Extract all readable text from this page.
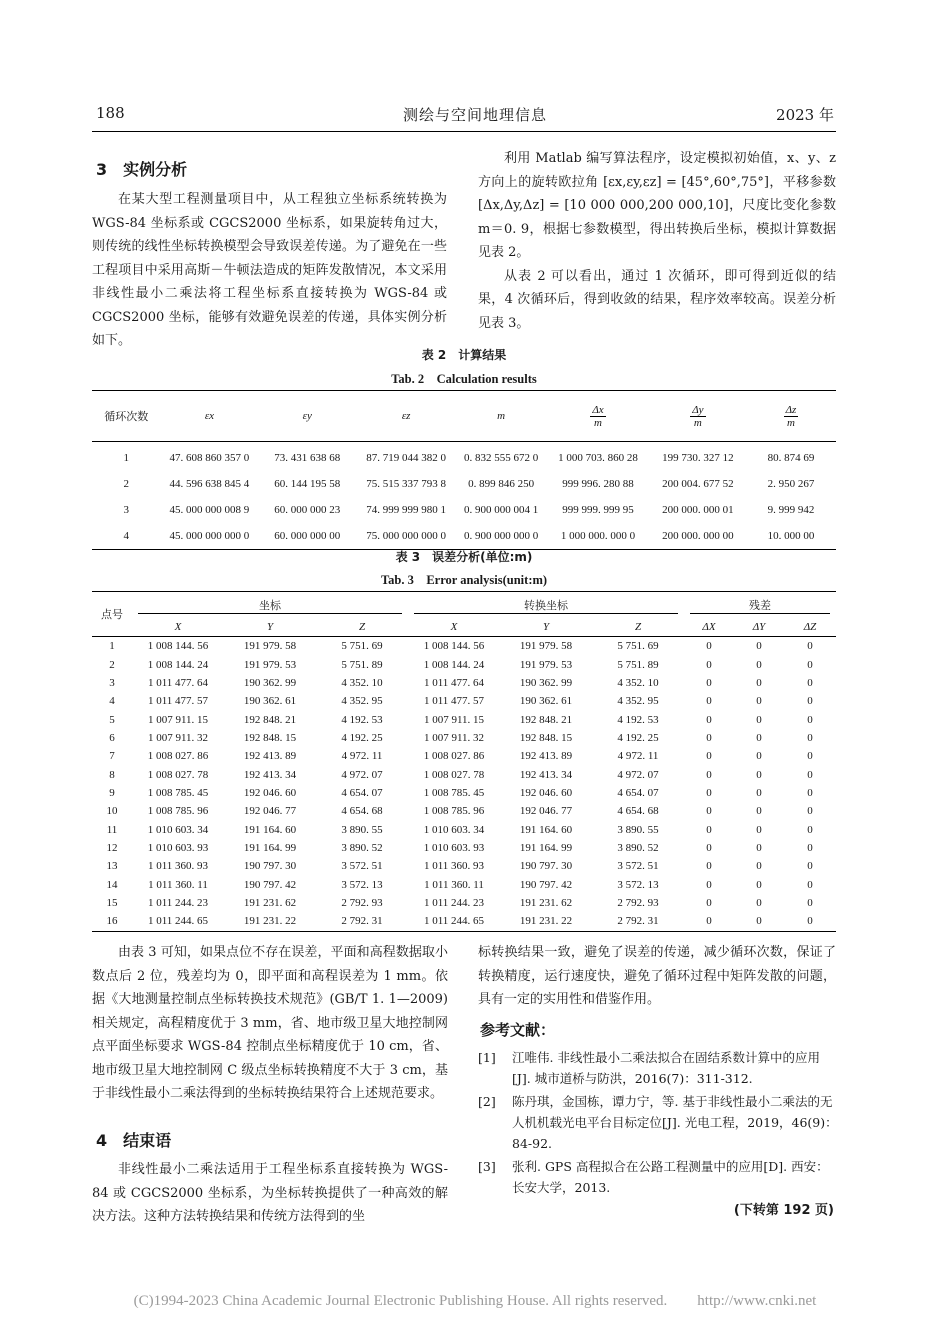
188	测绘与空间地理信息	2023 年
3　实例分析

在某大型工程测量项目中，从工程独立坐标系统转换为 WGS-84 坐标系或 CGCS2000 坐标系，如果旋转角过大，则传统的线性坐标转换模型会导致误差传递。为了避免在一些工程项目中采用高斯－牛顿法造成的矩阵发散情况，本文采用非线性最小二乘法将工程坐标系直接转换为 WGS-84 或 CGCS2000 坐标，能够有效避免误差的传递，具体实例分析如下。

利用 Matlab 编写算法程序，设定模拟初始值，x、y、z 方向上的旋转欧拉角 [εx,εy,εz] = [45°,60°,75°]，平移参数 [Δx,Δy,Δz] = [10 000 000,200 000,10]，尺度比变化参数 m＝0. 9，根据七参数模型，得出转换后坐标，模拟计算数据见表 2。

从表 2 可以看出，通过 1 次循环，即可得到近似的结果，4 次循环后，得到收敛的结果，程序效率较高。误差分析见表 3。

表 2　计算结果
Tab. 2　Calculation results
循环次数	εx	εy	εz	m	$\frac{\Delta x}{m}$	$\frac{\Delta y}{m}$	$\frac{\Delta z}{m}$

1	47. 608 860 357 0	73. 431 638 68	87. 719 044 382 0	0. 832 555 672 0	1 000 703. 860 28	199 730. 327 12	80. 874 69
2	44. 596 638 845 4	60. 144 195 58	75. 515 337 793 8	0. 899 846 250	999 996. 280 88	200 004. 677 52	2. 950 267
3	45. 000 000 008 9	60. 000 000 23	74. 999 999 980 1	0. 900 000 004 1	999 999. 999 95	200 000. 000 01	9. 999 942
4	45. 000 000 000 0	60. 000 000 00	75. 000 000 000 0	0. 900 000 000 0	1 000 000. 000 0	200 000. 000 00	10. 000 00
表 3　误差分析(单位:m)
Tab. 3　Error analysis(unit:m)
点号	坐标			转换坐标			残差		

	X	Y	Z	X	Y	Z	ΔX	ΔY	ΔZ
1	1 008 144. 56	191 979. 58	5 751. 69	1 008 144. 56	191 979. 58	5 751. 69	0	0	0
2	1 008 144. 24	191 979. 53	5 751. 89	1 008 144. 24	191 979. 53	5 751. 89	0	0	0
3	1 011 477. 64	190 362. 99	4 352. 10	1 011 477. 64	190 362. 99	4 352. 10	0	0	0
4	1 011 477. 57	190 362. 61	4 352. 95	1 011 477. 57	190 362. 61	4 352. 95	0	0	0
5	1 007 911. 15	192 848. 21	4 192. 53	1 007 911. 15	192 848. 21	4 192. 53	0	0	0
6	1 007 911. 32	192 848. 15	4 192. 25	1 007 911. 32	192 848. 15	4 192. 25	0	0	0
7	1 008 027. 86	192 413. 89	4 972. 11	1 008 027. 86	192 413. 89	4 972. 11	0	0	0
8	1 008 027. 78	192 413. 34	4 972. 07	1 008 027. 78	192 413. 34	4 972. 07	0	0	0
9	1 008 785. 45	192 046. 60	4 654. 07	1 008 785. 45	192 046. 60	4 654. 07	0	0	0
10	1 008 785. 96	192 046. 77	4 654. 68	1 008 785. 96	192 046. 77	4 654. 68	0	0	0
11	1 010 603. 34	191 164. 60	3 890. 55	1 010 603. 34	191 164. 60	3 890. 55	0	0	0
12	1 010 603. 93	191 164. 99	3 890. 52	1 010 603. 93	191 164. 99	3 890. 52	0	0	0
13	1 011 360. 93	190 797. 30	3 572. 51	1 011 360. 93	190 797. 30	3 572. 51	0	0	0
14	1 011 360. 11	190 797. 42	3 572. 13	1 011 360. 11	190 797. 42	3 572. 13	0	0	0
15	1 011 244. 23	191 231. 62	2 792. 93	1 011 244. 23	191 231. 62	2 792. 93	0	0	0
16	1 011 244. 65	191 231. 22	2 792. 31	1 011 244. 65	191 231. 22	2 792. 31	0	0	0

由表 3 可知，如果点位不存在误差，平面和高程数据取小数点后 2 位，残差均为 0，即平面和高程误差为 1 mm。依据《大地测量控制点坐标转换技术规范》(GB/T 1. 1—2009)相关规定，高程精度优于 3 mm，省、地市级卫星大地控制网点平面坐标要求 WGS-84 控制点坐标精度优于 10 cm，省、地市级卫星大地控制网 C 级点坐标转换精度不大于 3 cm，基于非线性最小二乘法得到的坐标转换结果符合上述规范要求。

4　结束语

非线性最小二乘法适用于工程坐标系直接转换为 WGS-84 或 CGCS2000 坐标系，为坐标转换提供了一种高效的解决方法。这种方法转换结果和传统方法得到的坐

标转换结果一致，避免了误差的传递，减少循环次数，保证了转换精度，运行速度快，避免了循环过程中矩阵发散的问题，具有一定的实用性和借鉴作用。

参考文献：
[1] 江唯伟. 非线性最小二乘法拟合在固结系数计算中的应用[J]. 城市道桥与防洪，2016(7)：311-312.
[2] 陈丹琪，金国栋，谭力宁，等. 基于非线性最小二乘法的无人机机载光电平台目标定位[J]. 光电工程，2019，46(9)：84-92.
[3] 张利. GPS 高程拟合在公路工程测量中的应用[D]. 西安：长安大学，2013.
(下转第 192 页)
(C)1994-2023 China Academic Journal Electronic Publishing House. All rights reserved.　　http://www.cnki.net
